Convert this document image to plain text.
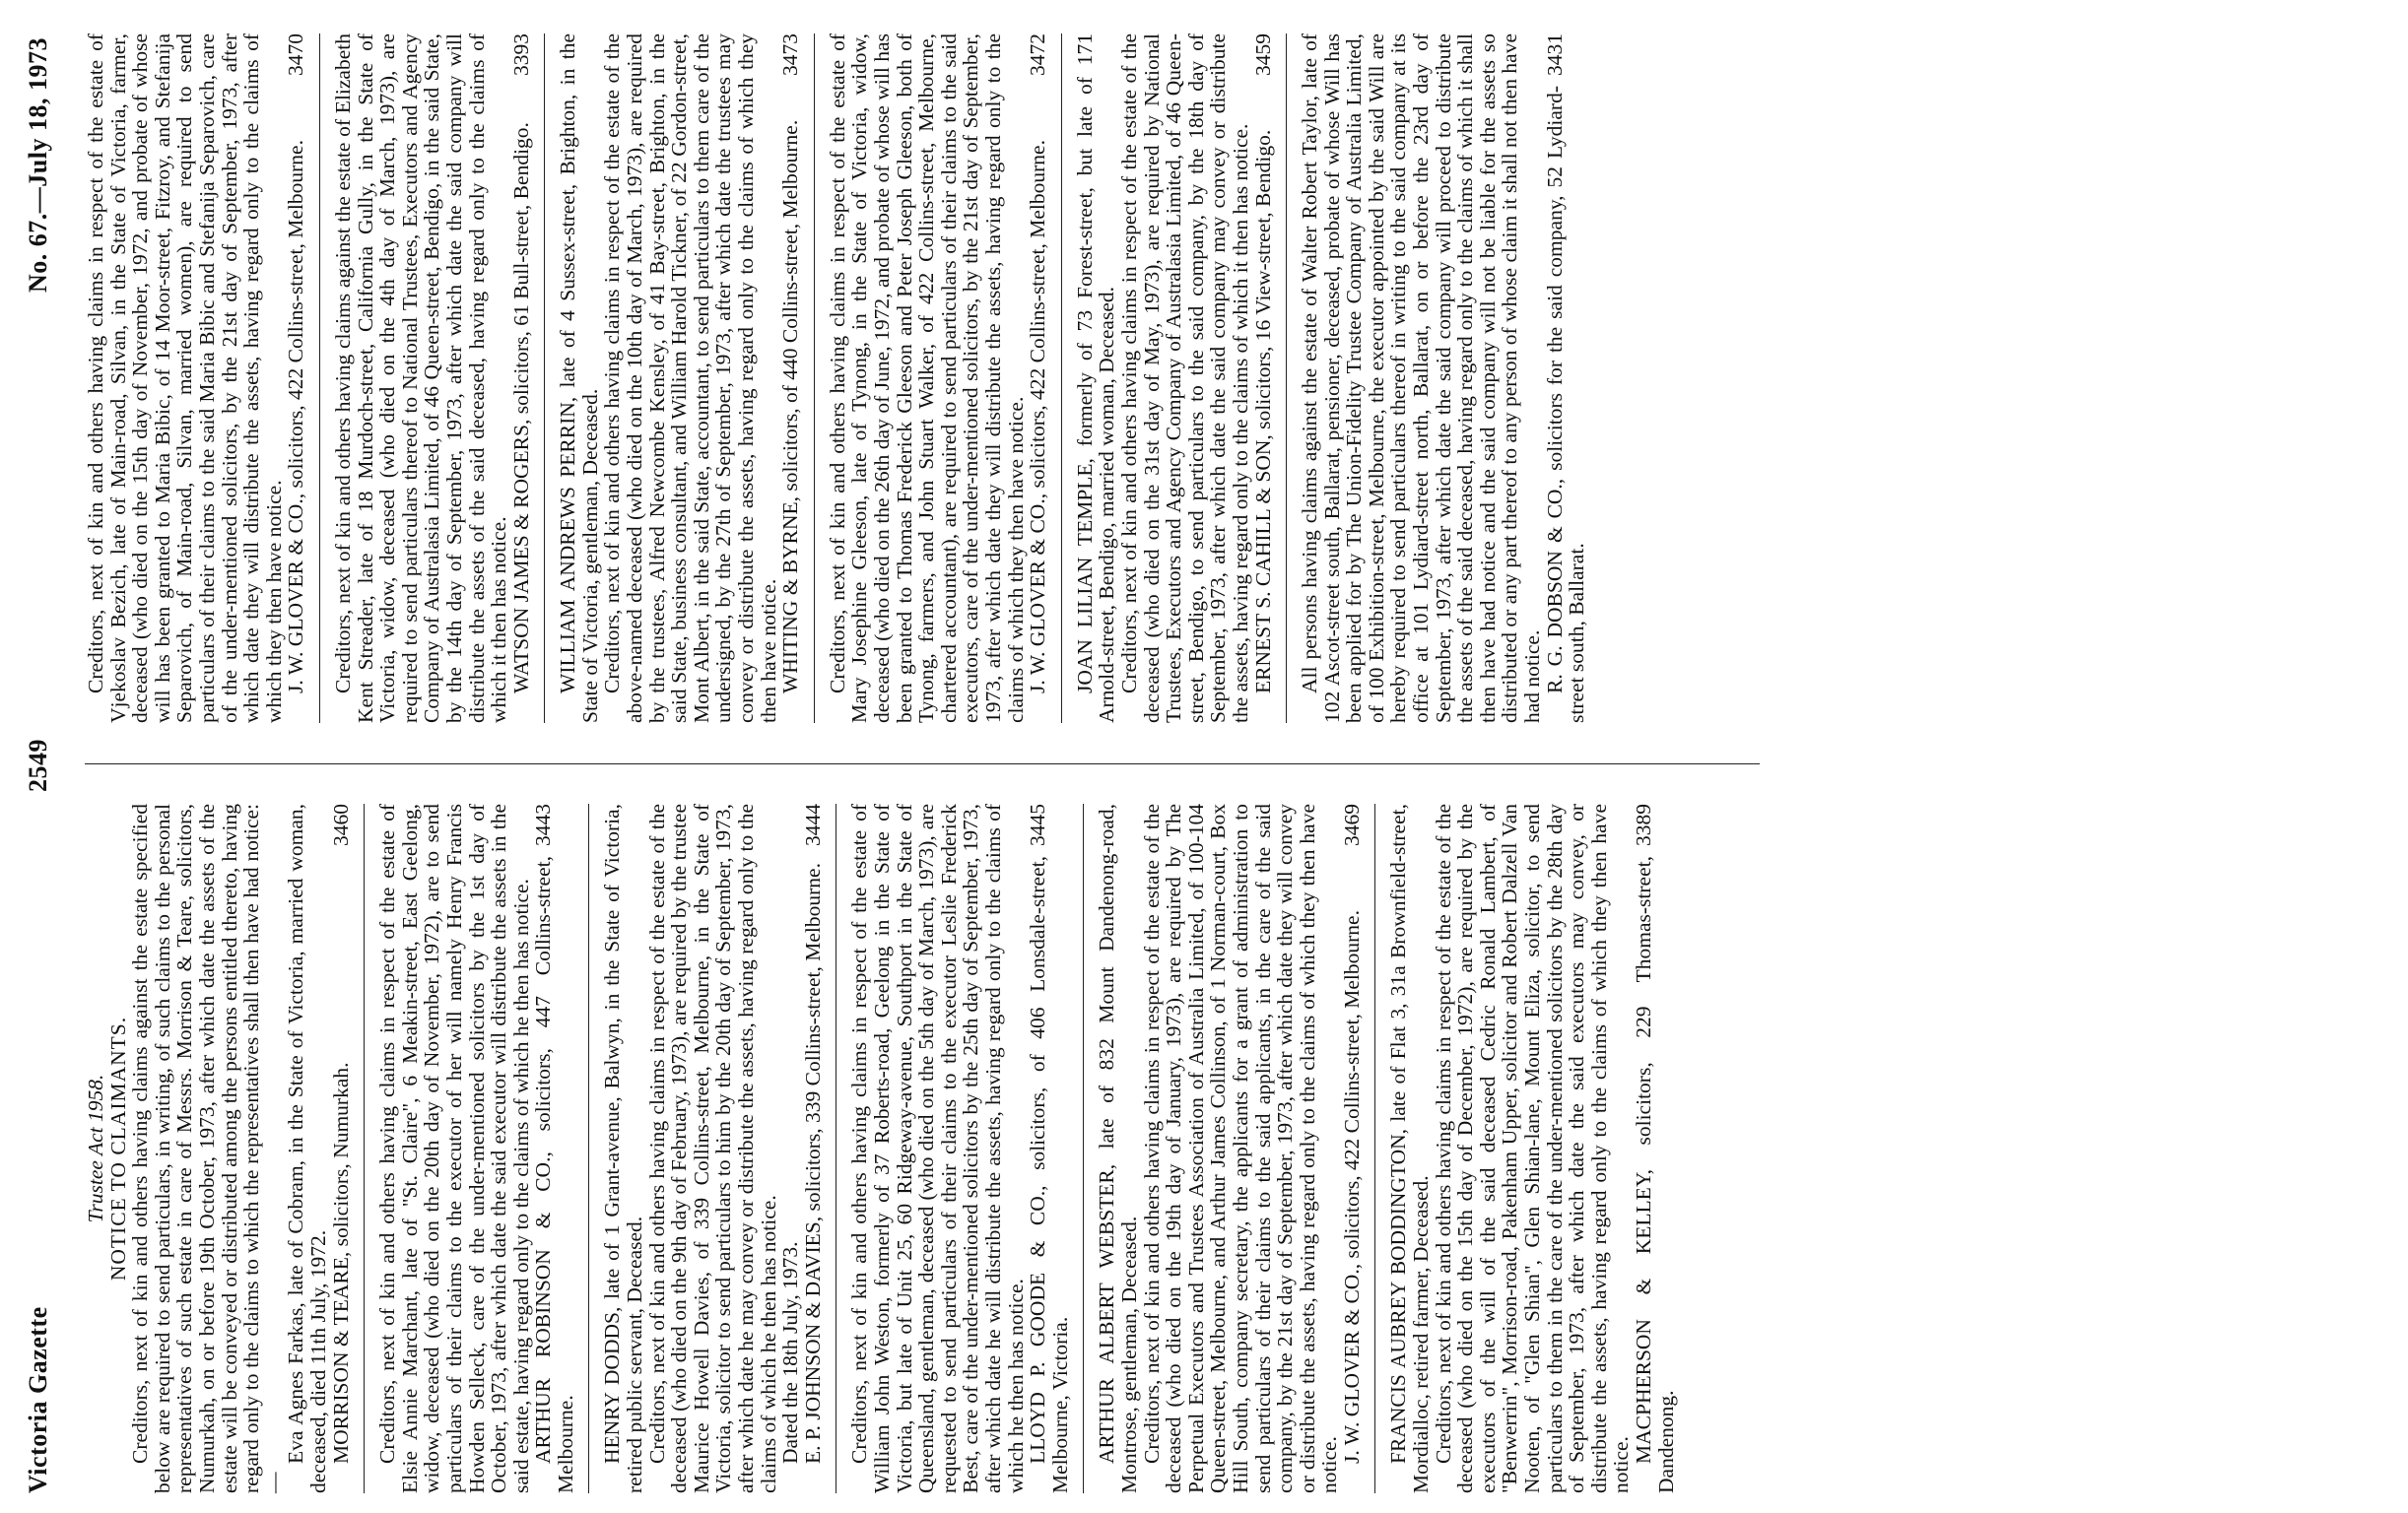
Victoria Gazette
2549
No. 67.—July 18, 1973
Trustee Act 1958.
NOTICE TO CLAIMANTS.

Creditors, next of kin and others having claims against the estate specified below are required to send particulars, in writing, of such claims to the personal representatives of such estate in care of Messrs. Morrison & Teare, solicitors, Numurkah, on or before 19th October, 1973, after which date the assets of the estate will be conveyed or distributed among the persons entitled thereto, having regard only to the claims to which the representatives shall then have had notice:—

Eva Agnes Farkas, late of Cobram, in the State of Victoria, married woman, deceased, died 11th July, 1972.

3460
MORRISON & TEARE, solicitors, Numurkah. Creditors, next of kin and others having claims in respect of the estate of Elsie Annie Marchant, late of "St. Claire", 6 Meakin-street, East Geelong, widow, deceased (who died on the 20th day of November, 1972), are to send particulars of their claims to the executor of her will namely Henry Francis Howden Selleck, care of the under-mentioned solicitors by the 1st day of October, 1973, after which date the said executor will distribute the assets in the said estate, having regard only to the claims of which he then has notice.

3443
ARTHUR ROBINSON & CO., solicitors, 447 Collins-street, Melbourne. HENRY DODDS, late of 1 Grant-avenue, Balwyn, in the State of Victoria, retired public servant, Deceased.

Creditors, next of kin and others having claims in respect of the estate of the deceased (who died on the 9th day of February, 1973), are required by the trustee Maurice Howell Davies, of 339 Collins-street, Melbourne, in the State of Victoria, solicitor to send particulars to him by the 20th day of September, 1973, after which date he may convey or distribute the assets, having regard only to the claims of which he then has notice.

Dated the 18th July, 1973.

3444
E. P. JOHNSON & DAVIES, solicitors, 339 Collins-street, Melbourne. Creditors, next of kin and others having claims in respect of the estate of William John Weston, formerly of 37 Roberts-road, Geelong in the State of Victoria, but late of Unit 25, 60 Ridgeway-avenue, Southport in the State of Queensland, gentleman, deceased (who died on the 5th day of March, 1973), are requested to send particulars of their claims to the executor Leslie Frederick Best, care of the under-mentioned solicitors by the 25th day of September, 1973, after which date he will distribute the assets, having regard only to the claims of which he then has notice.

3445
LLOYD P. GOODE & CO., solicitors, of 406 Lonsdale-street, Melbourne, Victoria. ARTHUR ALBERT WEBSTER, late of 832 Mount Dandenong-road, Montrose, gentleman, Deceased.

Creditors, next of kin and others having claims in respect of the estate of the deceased (who died on the 19th day of January, 1973), are required by The Perpetual Executors and Trustees Association of Australia Limited, of 100-104 Queen-street, Melbourne, and Arthur James Collinson, of 1 Norman-court, Box Hill South, company secretary, the applicants for a grant of administration to send particulars of their claims to the said applicants, in the care of the said company, by the 21st day of September, 1973, after which date they will convey or distribute the assets, having regard only to the claims of which they then have notice.

3469
J. W. GLOVER & CO., solicitors, 422 Collins-street, Melbourne. FRANCIS AUBREY BODDINGTON, late of Flat 3, 31a Brownfield-street, Mordialloc, retired farmer, Deceased.

Creditors, next of kin and others having claims in respect of the estate of the deceased (who died on the 15th day of December, 1972), are required by the executors of the will of the said deceased Cedric Ronald Lambert, of "Benwerrin", Morrison-road, Pakenham Upper, solicitor and Robert Dalzell Van Nooten, of "Glen Shian", Glen Shian-lane, Mount Eliza, solicitor, to send particulars to them in the care of the under-mentioned solicitors by the 28th day of September, 1973, after which date the said executors may convey, or distribute the assets, having regard only to the claims of which they then have notice.

3389
MACPHERSON & KELLEY, solicitors, 229 Thomas-street, Dandenong.

Creditors, next of kin and others having claims in respect of the estate of Vjekoslav Bezich, late of Main-road, Silvan, in the State of Victoria, farmer, deceased (who died on the 15th day of November, 1972, and probate of whose will has been granted to Maria Bibic, of 14 Moor-street, Fitzroy, and Stefanija Separovich, of Main-road, Silvan, married women), are required to send particulars of their claims to the said Maria Bibic and Stefanija Separovich, care of the under-mentioned solicitors, by the 21st day of September, 1973, after which date they will distribute the assets, having regard only to the claims of which they then have notice.

3470
J. W. GLOVER & CO., solicitors, 422 Collins-street, Melbourne. Creditors, next of kin and others having claims against the estate of Elizabeth Kent Streader, late of 18 Murdoch-street, California Gully, in the State of Victoria, widow, deceased (who died on the 4th day of March, 1973), are required to send particulars thereof to National Trustees, Executors and Agency Company of Australasia Limited, of 46 Queen-street, Bendigo, in the said State, by the 14th day of September, 1973, after which date the said company will distribute the assets of the said deceased, having regard only to the claims of which it then has notice.

3393
WATSON JAMES & ROGERS, solicitors, 61 Bull-street, Bendigo. WILLIAM ANDREWS PERRIN, late of 4 Sussex-street, Brighton, in the State of Victoria, gentleman, Deceased.

Creditors, next of kin and others having claims in respect of the estate of the above-named deceased (who died on the 10th day of March, 1973), are required by the trustees, Alfred Newcombe Kensley, of 41 Bay-street, Brighton, in the said State, business consultant, and William Harold Tickner, of 22 Gordon-street, Mont Albert, in the said State, accountant, to send particulars to them care of the undersigned, by the 27th of September, 1973, after which date the trustees may convey or distribute the assets, having regard only to the claims of which they then have notice.

3473
WHITING & BYRNE, solicitors, of 440 Collins-street, Melbourne. Creditors, next of kin and others having claims in respect of the estate of Mary Josephine Gleeson, late of Tynong, in the State of Victoria, widow, deceased (who died on the 26th day of June, 1972, and probate of whose will has been granted to Thomas Frederick Gleeson and Peter Joseph Gleeson, both of Tynong, farmers, and John Stuart Walker, of 422 Collins-street, Melbourne, chartered accountant), are required to send particulars of their claims to the said executors, care of the under-mentioned solicitors, by the 21st day of September, 1973, after which date they will distribute the assets, having regard only to the claims of which they then have notice.

3472
J. W. GLOVER & CO., solicitors, 422 Collins-street, Melbourne. JOAN LILIAN TEMPLE, formerly of 73 Forest-street, but late of 171 Arnold-street, Bendigo, married woman, Deceased.

Creditors, next of kin and others having claims in respect of the estate of the deceased (who died on the 31st day of May, 1973), are required by National Trustees, Executors and Agency Company of Australasia Limited, of 46 Queen-street, Bendigo, to send particulars to the said company, by the 18th day of September, 1973, after which date the said company may convey or distribute the assets, having regard only to the claims of which it then has notice.

3459
ERNEST S. CAHILL & SON, solicitors, 16 View-street, Bendigo. All persons having claims against the estate of Walter Robert Taylor, late of 102 Ascot-street south, Ballarat, pensioner, deceased, probate of whose Will has been applied for by The Union-Fidelity Trustee Company of Australia Limited, of 100 Exhibition-street, Melbourne, the executor appointed by the said Will are hereby required to send particulars thereof in writing to the said company at its office at 101 Lydiard-street north, Ballarat, on or before the 23rd day of September, 1973, after which date the said company will proceed to distribute the assets of the said deceased, having regard only to the claims of which it shall then have had notice and the said company will not be liable for the assets so distributed or any part thereof to any person of whose claim it shall not then have had notice.

3431
R. G. DOBSON & CO., solicitors for the said company, 52 Lydiard-street south, Ballarat.
